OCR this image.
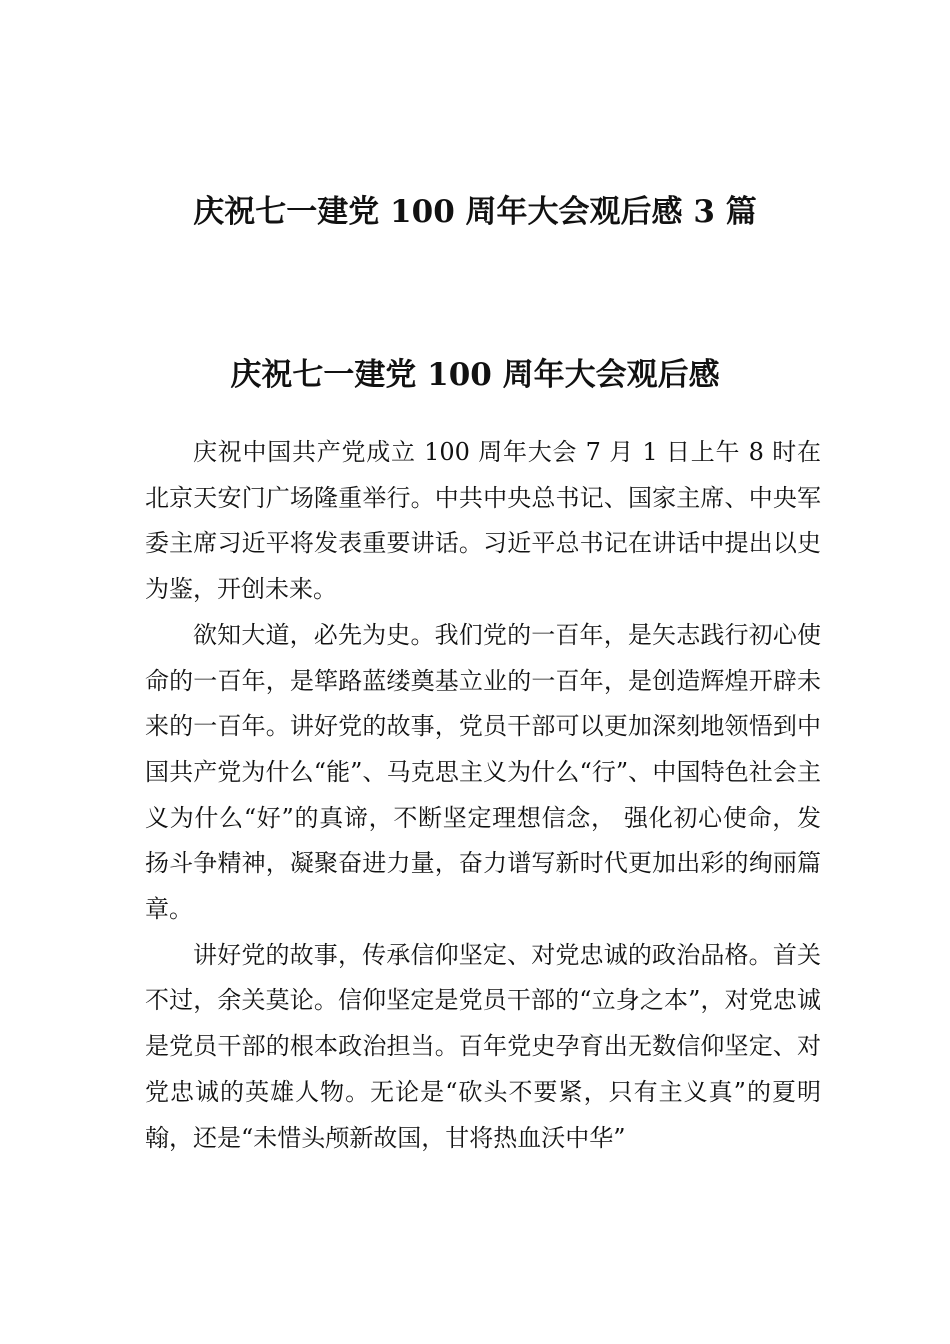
庆祝七一建党 100 周年大会观后感 3 篇
庆祝七一建党 100 周年大会观后感

庆祝中国共产党成立 100 周年大会 7 月 1 日上午 8 时在北京天安门广场隆重举行。中共中央总书记、国家主席、中央军委主席习近平将发表重要讲话。习近平总书记在讲话中提出以史为鉴，开创未来。

欲知大道，必先为史。我们党的一百年，是矢志践行初心使命的一百年，是筚路蓝缕奠基立业的一百年，是创造辉煌开辟未来的一百年。讲好党的故事，党员干部可以更加深刻地领悟到中国共产党为什么“能”、马克思主义为什么“行”、中国特色社会主义为什么“好”的真谛，不断坚定理想信念， 强化初心使命，发扬斗争精神，凝聚奋进力量，奋力谱写新时代更加出彩的绚丽篇章。

讲好党的故事，传承信仰坚定、对党忠诚的政治品格。首关不过，余关莫论。信仰坚定是党员干部的“立身之本”，对党忠诚是党员干部的根本政治担当。百年党史孕育出无数信仰坚定、对党忠诚的英雄人物。无论是“砍头不要紧，只有主义真”的夏明翰，还是“未惜头颅新故国，甘将热血沃中华”
